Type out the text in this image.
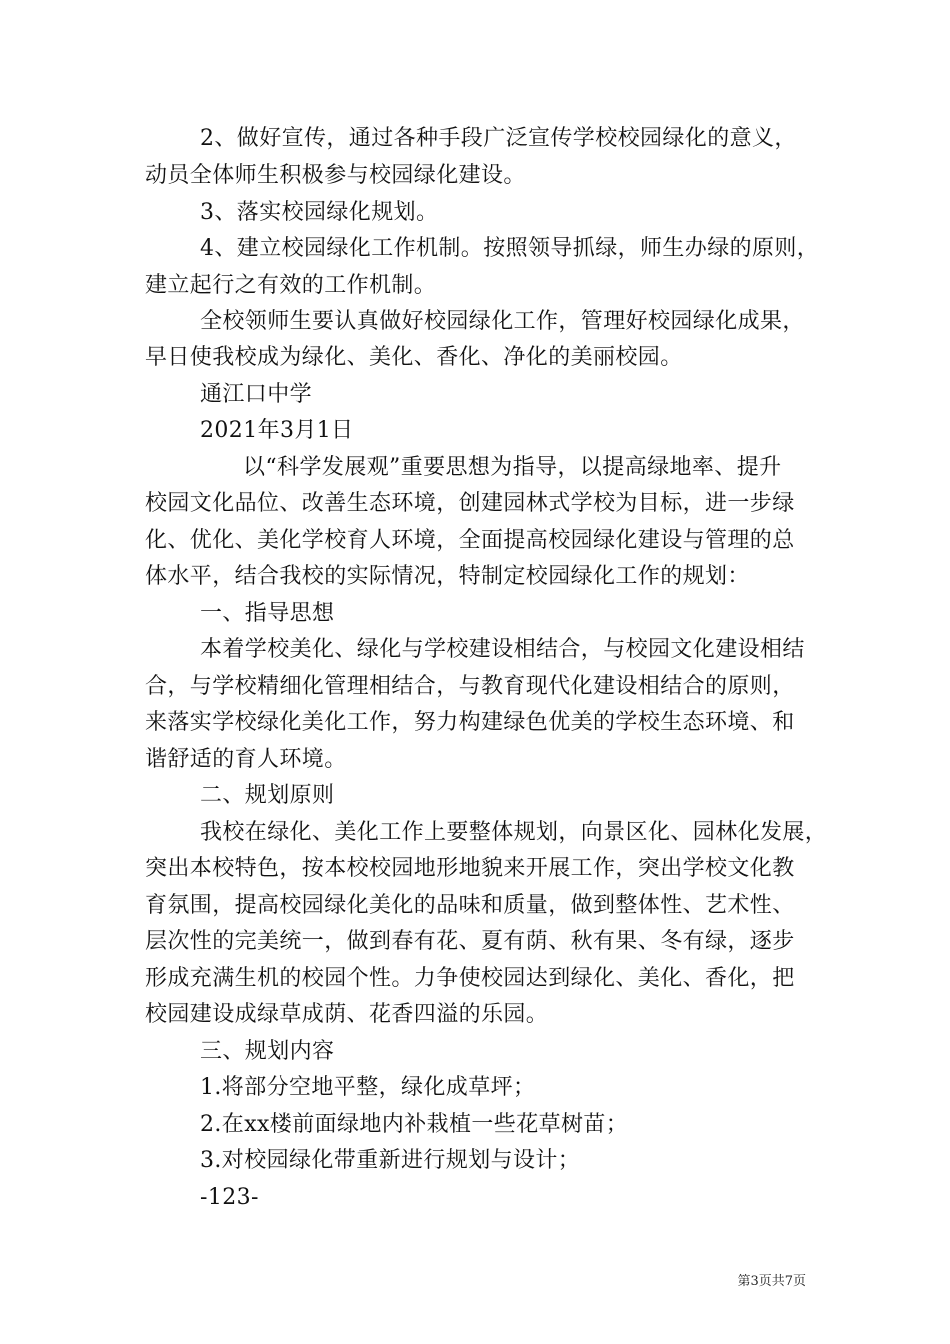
2、做好宣传，通过各种手段广泛宣传学校校园绿化的意义，
动员全体师生积极参与校园绿化建设。
3、落实校园绿化规划。
4、建立校园绿化工作机制。按照领导抓绿，师生办绿的原则，
建立起行之有效的工作机制。
全校领师生要认真做好校园绿化工作，管理好校园绿化成果，
早日使我校成为绿化、美化、香化、净化的美丽校园。
通江口中学
2021年3月1日
以“科学发展观”重要思想为指导，以提高绿地率、提升
校园文化品位、改善生态环境，创建园林式学校为目标，进一步绿
化、优化、美化学校育人环境，全面提高校园绿化建设与管理的总
体水平，结合我校的实际情况，特制定校园绿化工作的规划：
一、指导思想
本着学校美化、绿化与学校建设相结合，与校园文化建设相结
合，与学校精细化管理相结合，与教育现代化建设相结合的原则，
来落实学校绿化美化工作，努力构建绿色优美的学校生态环境、和
谐舒适的育人环境。
二、规划原则
我校在绿化、美化工作上要整体规划，向景区化、园林化发展，
突出本校特色，按本校校园地形地貌来开展工作，突出学校文化教
育氛围，提高校园绿化美化的品味和质量，做到整体性、艺术性、
层次性的完美统一，做到春有花、夏有荫、秋有果、冬有绿，逐步
形成充满生机的校园个性。力争使校园达到绿化、美化、香化，把
校园建设成绿草成荫、花香四溢的乐园。
三、规划内容
1.将部分空地平整，绿化成草坪；
2.在xx楼前面绿地内补栽植一些花草树苗；
3.对校园绿化带重新进行规划与设计；
-123-
第3页共7页
